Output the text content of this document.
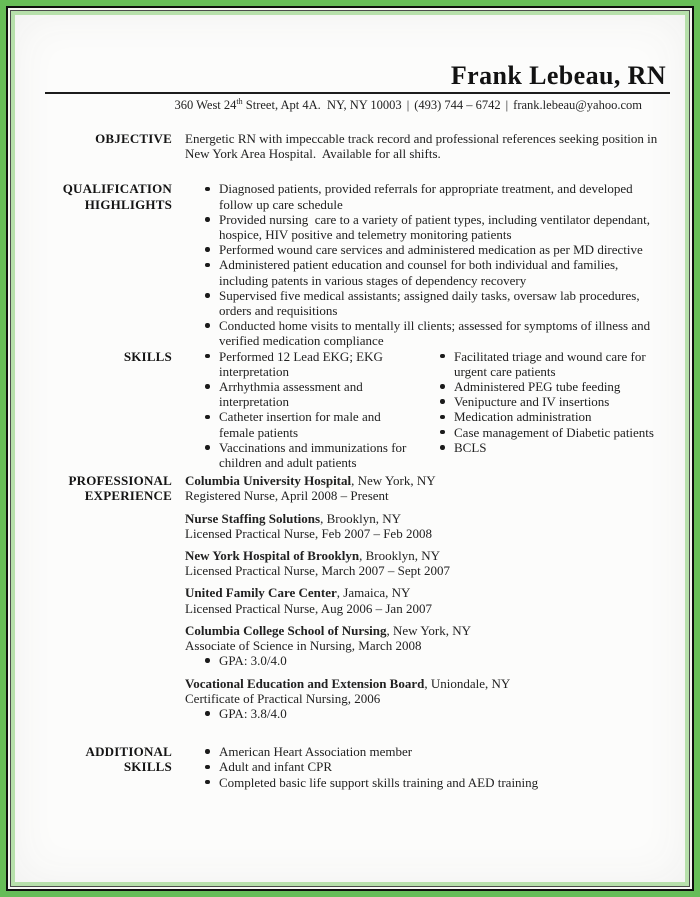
Frank Lebeau, RN
360 West 24th Street, Apt 4A.  NY, NY 10003 | (493) 744 – 6742 | frank.lebeau@yahoo.com
OBJECTIVE Energetic RN with impeccable track record and professional references seeking position in New York Area Hospital.  Available for all shifts.
QUALIFICATION
HIGHLIGHTS
Diagnosed patients, provided referrals for appropriate treatment, and developed follow up care schedule
Provided nursing  care to a variety of patient types, including ventilator dependant, hospice, HIV positive and telemetry monitoring patients
Performed wound care services and administered medication as per MD directive
Administered patient education and counsel for both individual and families, including patents in various stages of dependency recovery
Supervised five medical assistants; assigned daily tasks, oversaw lab procedures, orders and requisitions
Conducted home visits to mentally ill clients; assessed for symptoms of illness and verified medication compliance
SKILLS	Performed 12 Lead EKG; EKG interpretation
Arrhythmia assessment and interpretation
Catheter insertion for male and female patients
Vaccinations and immunizations for children and adult patients
Facilitated triage and wound care for urgent care patients
Administered PEG tube feeding
Venipucture and IV insertions
Medication administration
Case management of Diabetic patients
BCLS
PROFESSIONAL
EXPERIENCE
Columbia University Hospital, New York, NY
Registered Nurse, April 2008 – Present
Nurse Staffing Solutions, Brooklyn, NY
Licensed Practical Nurse, Feb 2007 – Feb 2008
New York Hospital of Brooklyn, Brooklyn, NY
Licensed Practical Nurse, March 2007 – Sept 2007
United Family Care Center, Jamaica, NY
Licensed Practical Nurse, Aug 2006 – Jan 2007
Columbia College School of Nursing, New York, NY
Associate of Science in Nursing, March 2008
GPA: 3.0/4.0
Vocational Education and Extension Board, Uniondale, NY
Certificate of Practical Nursing, 2006
GPA: 3.8/4.0
ADDITIONAL
SKILLS
American Heart Association member
Adult and infant CPR
Completed basic life support skills training and AED training
